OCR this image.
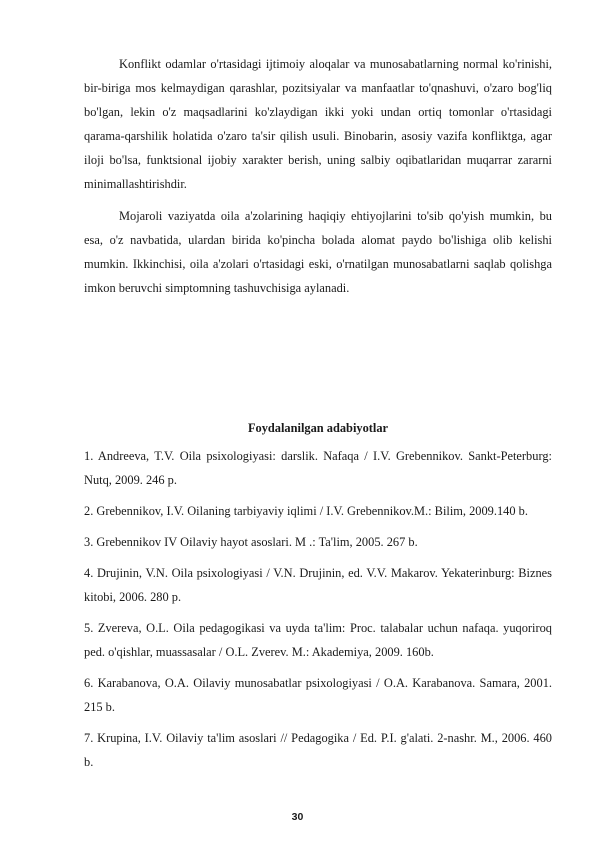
Konflikt odamlar o'rtasidagi ijtimoiy aloqalar va munosabatlarning normal ko'rinishi, bir-biriga mos kelmaydigan qarashlar, pozitsiyalar va manfaatlar to'qnashuvi, o'zaro bog'liq bo'lgan, lekin o'z maqsadlarini ko'zlaydigan ikki yoki undan ortiq tomonlar o'rtasidagi qarama-qarshilik holatida o'zaro ta'sir qilish usuli. Binobarin, asosiy vazifa konfliktga, agar iloji bo'lsa, funktsional ijobiy xarakter berish, uning salbiy oqibatlaridan muqarrar zararni minimallashtirishdir.

Mojaroli vaziyatda oila a'zolarining haqiqiy ehtiyojlarini to'sib qo'yish mumkin, bu esa, o'z navbatida, ulardan birida ko'pincha bolada alomat paydo bo'lishiga olib kelishi mumkin. Ikkinchisi, oila a'zolari o'rtasidagi eski, o'rnatilgan munosabatlarni saqlab qolishga imkon beruvchi simptomning tashuvchisiga aylanadi.

Foydalanilgan adabiyotlar

1. Andreeva, T.V. Oila psixologiyasi: darslik. Nafaqa / I.V. Grebennikov. Sankt-Peterburg: Nutq, 2009. 246 p.

2. Grebennikov, I.V. Oilaning tarbiyaviy iqlimi / I.V. Grebennikov.M.: Bilim, 2009.140 b.

3. Grebennikov IV Oilaviy hayot asoslari. M .: Ta'lim, 2005. 267 b.

4. Drujinin, V.N. Oila psixologiyasi / V.N. Drujinin, ed. V.V. Makarov. Yekaterinburg: Biznes kitobi, 2006. 280 p.

5. Zvereva, O.L. Oila pedagogikasi va uyda ta'lim: Proc. talabalar uchun nafaqa. yuqoriroq ped. o'qishlar, muassasalar / O.L. Zverev. M.: Akademiya, 2009. 160b.

6. Karabanova, O.A. Oilaviy munosabatlar psixologiyasi / O.A. Karabanova. Samara, 2001. 215 b.

7. Krupina, I.V. Oilaviy ta'lim asoslari // Pedagogika / Ed. P.I. g'alati. 2-nashr. M., 2006. 460 b.

30
